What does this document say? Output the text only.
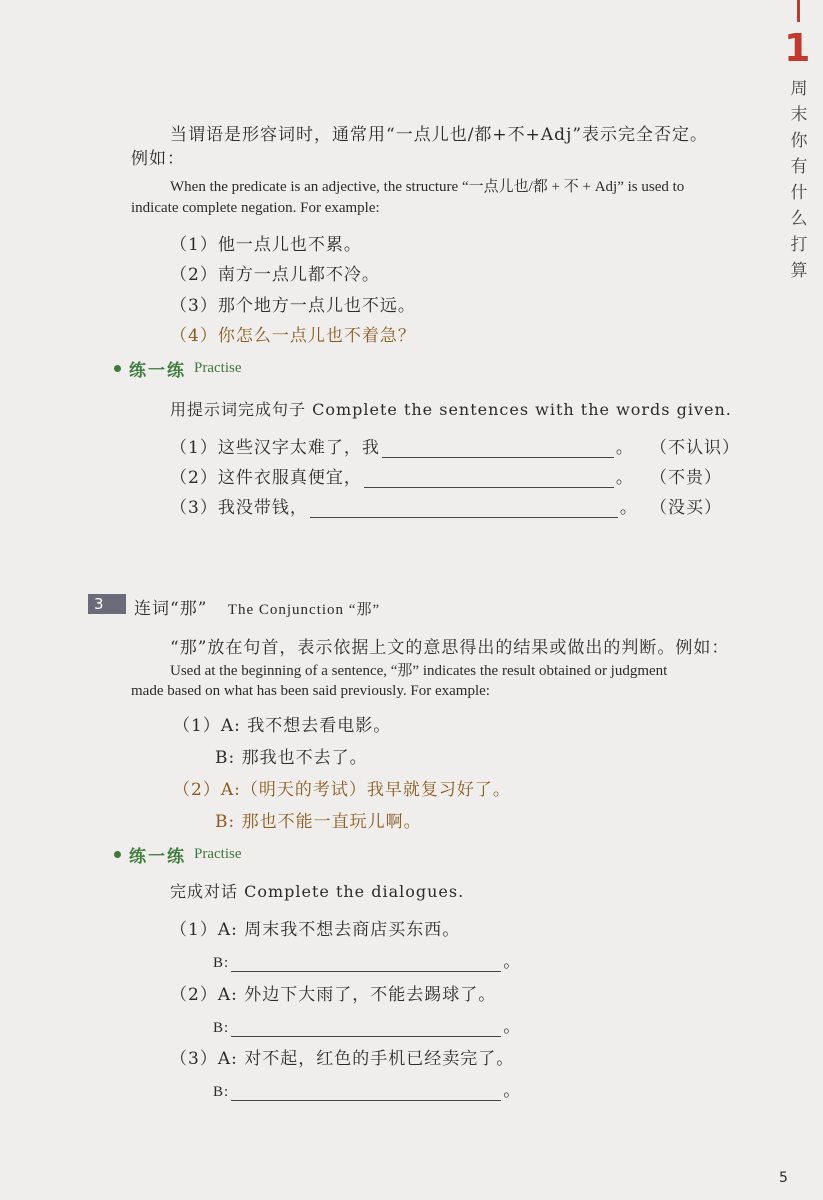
1
周末你有什么打算
当谓语是形容词时，通常用“一点儿也/都+不+Adj”表示完全否定。
例如：
When the predicate is an adjective, the structure “一点儿也/都 + 不 + Adj” is used to
indicate complete negation. For example:
（1）他一点儿也不累。
（2）南方一点儿都不冷。
（3）那个地方一点儿也不远。
（4）你怎么一点儿也不着急？
练一练 Practise
用提示词完成句子 Complete the sentences with the words given.
（1）这些汉字太难了，我	。 （不认识）
（2）这件衣服真便宜，	。 （不贵）
（3）我没带钱，	。 （没买）
3	连词“那” The Conjunction “那”
“那”放在句首，表示依据上文的意思得出的结果或做出的判断。例如：
Used at the beginning of a sentence, “那” indicates the result obtained or judgment
made based on what has been said previously. For example:
（1）A: 我不想去看电影。
B: 那我也不去了。
（2）A:（明天的考试）我早就复习好了。
B: 那也不能一直玩儿啊。
练一练 Practise
完成对话 Complete the dialogues.
（1）A: 周末我不想去商店买东西。
B:	。
（2）A: 外边下大雨了，不能去踢球了。
B:	。
（3）A: 对不起，红色的手机已经卖完了。
B:	。
5
